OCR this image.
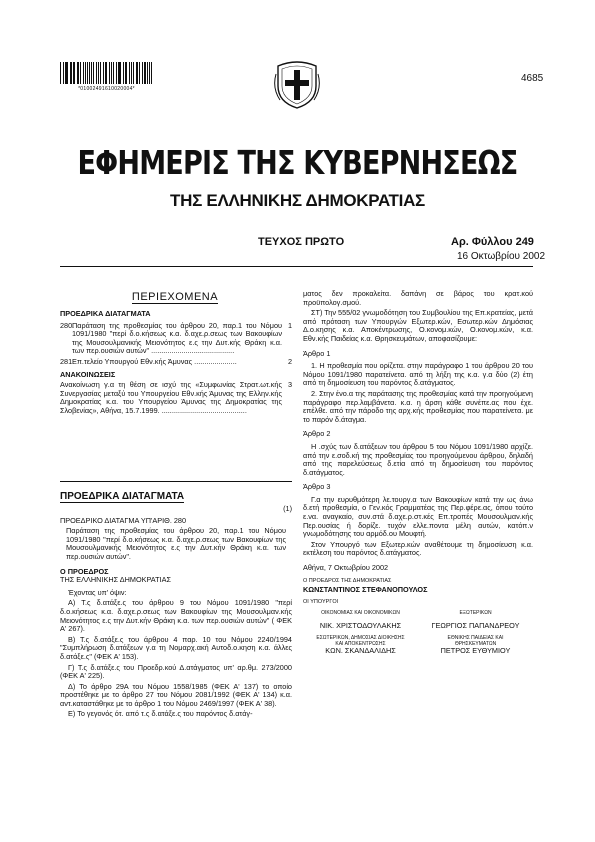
*01002491610020004*
4685
ΕΦΗΜΕΡΙΣ ΤΗΣ ΚΥΒΕΡΝΗΣΕΩΣ
ΤΗΣ ΕΛΛΗΝΙΚΗΣ ΔΗΜΟΚΡΑΤΙΑΣ
ΤΕΥΧΟΣ ΠΡΩΤΟ	Αρ. Φύλλου 249
16 Οκτωβρίου 2002
ΠΕΡΙΕΧΟΜΕΝΑ

ΠΡΟΕΔΡΙΚΑ ΔΙΑΤΑΓΜΑΤΑ

280.
Παράταση της προθεσμίας του άρθρου 20, παρ.1 του Νόμου 1091/1980 "περί δ.ο.κήσεως κ.α. δ.αχε.ρ.σεως των Βακουφίων της Μουσουλμανικής Μειονότητος ε.ς την Δυτ.κής Θράκη κ.α. των περ.ουσιών αυτών" .........................................
1
281.
Επ.τελείο Υπουργού Εθν.κής Άμυνας .....................	2

ΑΝΑΚΟΙΝΩΣΕΙΣ

Ανακοίνωση γ.α τη θέση σε ισχύ της «Συμφωνίας Στρατ.ωτ.κής Συνεργασίας μεταξύ του Υπουργείου Εθν.κής Άμυνας της Ελλην.κής Δημοκρατίας κ.α. του Υπουργείου Άμυνας της Δημοκρατίας της Σλοβενίας», Αθήνα, 15.7.1999. ..........................................
3

ΠΡΟΕΔΡΙΚΑ ΔΙΑΤΑΓΜΑΤΑ

(1)

ΠΡΟΕΔΡΙΚΟ ΔΙΑΤΑΓΜΑ ΥΠ'ΑΡΙΘ. 280

Παράταση της προθεσμίας του άρθρου 20, παρ.1 του Νόμου 1091/1980 "περί δ.ο.κήσεως κ.α. δ.αχε.ρ.σεως των Βακουφίων της Μουσουλμανικής Μειονότητος ε.ς την Δυτ.κήν Θράκη κ.α. των περ.ουσιών αυτών".

Ο ΠΡΟΕΔΡΟΣ

ΤΗΣ ΕΛΛΗΝΙΚΗΣ ΔΗΜΟΚΡΑΤΙΑΣ

Έχοντας υπ' όψιν:

Α) Τ.ς δ.ατάξε.ς του άρθρου 9 του Νόμου 1091/1980 "περί δ.ο.κήσεως κ.α. δ.αχε.ρ.σεως των Βακουφίων της Μουσουλμαν.κής Μειονότητος ε.ς την Δυτ.κήν Θράκη κ.α. των περ.ουσιών αυτών" ( ΦΕΚ Α' 267).

Β) Τ.ς δ.ατάξε.ς του άρθρου 4 παρ. 10 του Νόμου 2240/1994 "Συμπλήρωση δ.ατάξεων γ.α τη Νομαρχ.ακή Αυτοδ.ο.κηση κ.α. άλλες δ.ατάξε.ς" (ΦΕΚ Α' 153).

Γ) Τ.ς δ.ατάξε.ς του Προεδρ.κού Δ.ατάγματος υπ' αρ.θμ. 273/2000 (ΦΕΚ Α' 225).

Δ) Το άρθρο 29Α του Νόμου 1558/1985 (ΦΕΚ Α' 137) το οποίο προστέθηκε με το άρθρο 27 του Νόμου 2081/1992 (ΦΕΚ Α' 134) κ.α. αντ.καταστάθηκε με το άρθρο 1 του Νόμου 2469/1997 (ΦΕΚ Α' 38).

Ε) Το γεγονός ότ. από τ.ς δ.ατάξε.ς του παρόντος δ.ατάγ-

ματος δεν προκαλείτα. δαπάνη σε βάρος του κρατ.κού προϋπολογ.σμού.

ΣΤ) Την 555/02 γνωμοδότηση του Συμβουλίου της Επ.κρατείας, μετά από πρόταση των Υπουργών Εξωτερ.κών, Εσωτερ.κών Δημόσιας Δ.ο.κησης κ.α. Αποκέντρωσης, Ο.κονομ.κών, Ο.κονομ.κών, κ.α. Εθν.κής Παιδείας κ.α. Θρησκευμάτων, αποφασίζουμε:

Άρθρο 1

1. Η προθεσμία που ορίζετα. στην παράγραφο 1 του άρθρου 20 του Νόμου 1091/1980 παρατείνετα. από τη λήξη της κ.α. γ.α δύο (2) έτη από τη δημοσίευση του παρόντος δ.ατάγματος.

2. Στην ένο.α της παράτασης της προθεσμίας κατά την προηγούμενη παράγραφο περ.λαμβάνετα. κ.α. η άρση κάθε συνέπε.ας που έχε. επέλθε. από την πάροδο της αρχ.κής προθεσμίας που παρατείνετα. με το παρόν δ.άταγμα.

Άρθρο 2

Η .σχύς των δ.ατάξεων του άρθρου 5 του Νόμου 1091/1980 αρχίζε. από την ε.σοδ.κή της προθεσμίας του προηγούμενου άρθρου, δηλαδή από της παρελεύσεως δ.ετία από τη δημοσίευση του παρόντος δ.ατάγματος.

Άρθρο 3

Γ.α την ευρυθμότερη λε.τουργ.α των Βακουφίων κατά την ως άνω δ.ετή προθεσμία, ο Γεν.κός Γραμματέας της Περ.φέρε.ας, όπου τούτο ε.να. αναγκαίο, συν.στά δ.αχε.ρ.στ.κές Επ.τροπές Μουσουλμαν.κής Περ.ουσίας ή δορίζε. τυχόν ελλε.ποντα μέλη αυτών, κατόπ.ν γνωμοδότησης του αρμόδ.ου Μουφτή.

Στον Υπουργό των Εξωτερ.κών αναθέτουμε τη δημοσίευση κ.α. εκτέλεση του παρόντος δ.ατάγματος.

Αθήνα, 7 Οκτωβρίου 2002

Ο ΠΡΟΕΔΡΟΣ ΤΗΣ ΔΗΜΟΚΡΑΤΙΑΣ

ΚΩΝΣΤΑΝΤΙΝΟΣ ΣΤΕΦΑΝΟΠΟΥΛΟΣ

ΟΙ ΥΠΟΥΡΓΟΙ

ΟΙΚΟΝΟΜΙΑΣ ΚΑΙ ΟΙΚΟΝΟΜΙΚΩΝ
ΝΙΚ. ΧΡΙΣΤΟΔΟΥΛΑΚΗΣ
ΕΞΩΤΕΡΙΚΩΝ
ΓΕΩΡΓΙΟΣ ΠΑΠΑΝΔΡΕΟΥ
ΕΣΩΤΕΡΙΚΩΝ, ΔΗΜΟΣΙΑΣ ΔΙΟΙΚΗΣΗΣ ΚΑΙ ΑΠΟΚΕΝΤΡΩΣΗΣ
ΚΩΝ. ΣΚΑΝΔΑΛΙΔΗΣ
ΕΘΝΙΚΗΣ ΠΑΙΔΕΙΑΣ ΚΑΙ ΘΡΗΣΚΕΥΜΑΤΩΝ
ΠΕΤΡΟΣ ΕΥΘΥΜΙΟΥ
